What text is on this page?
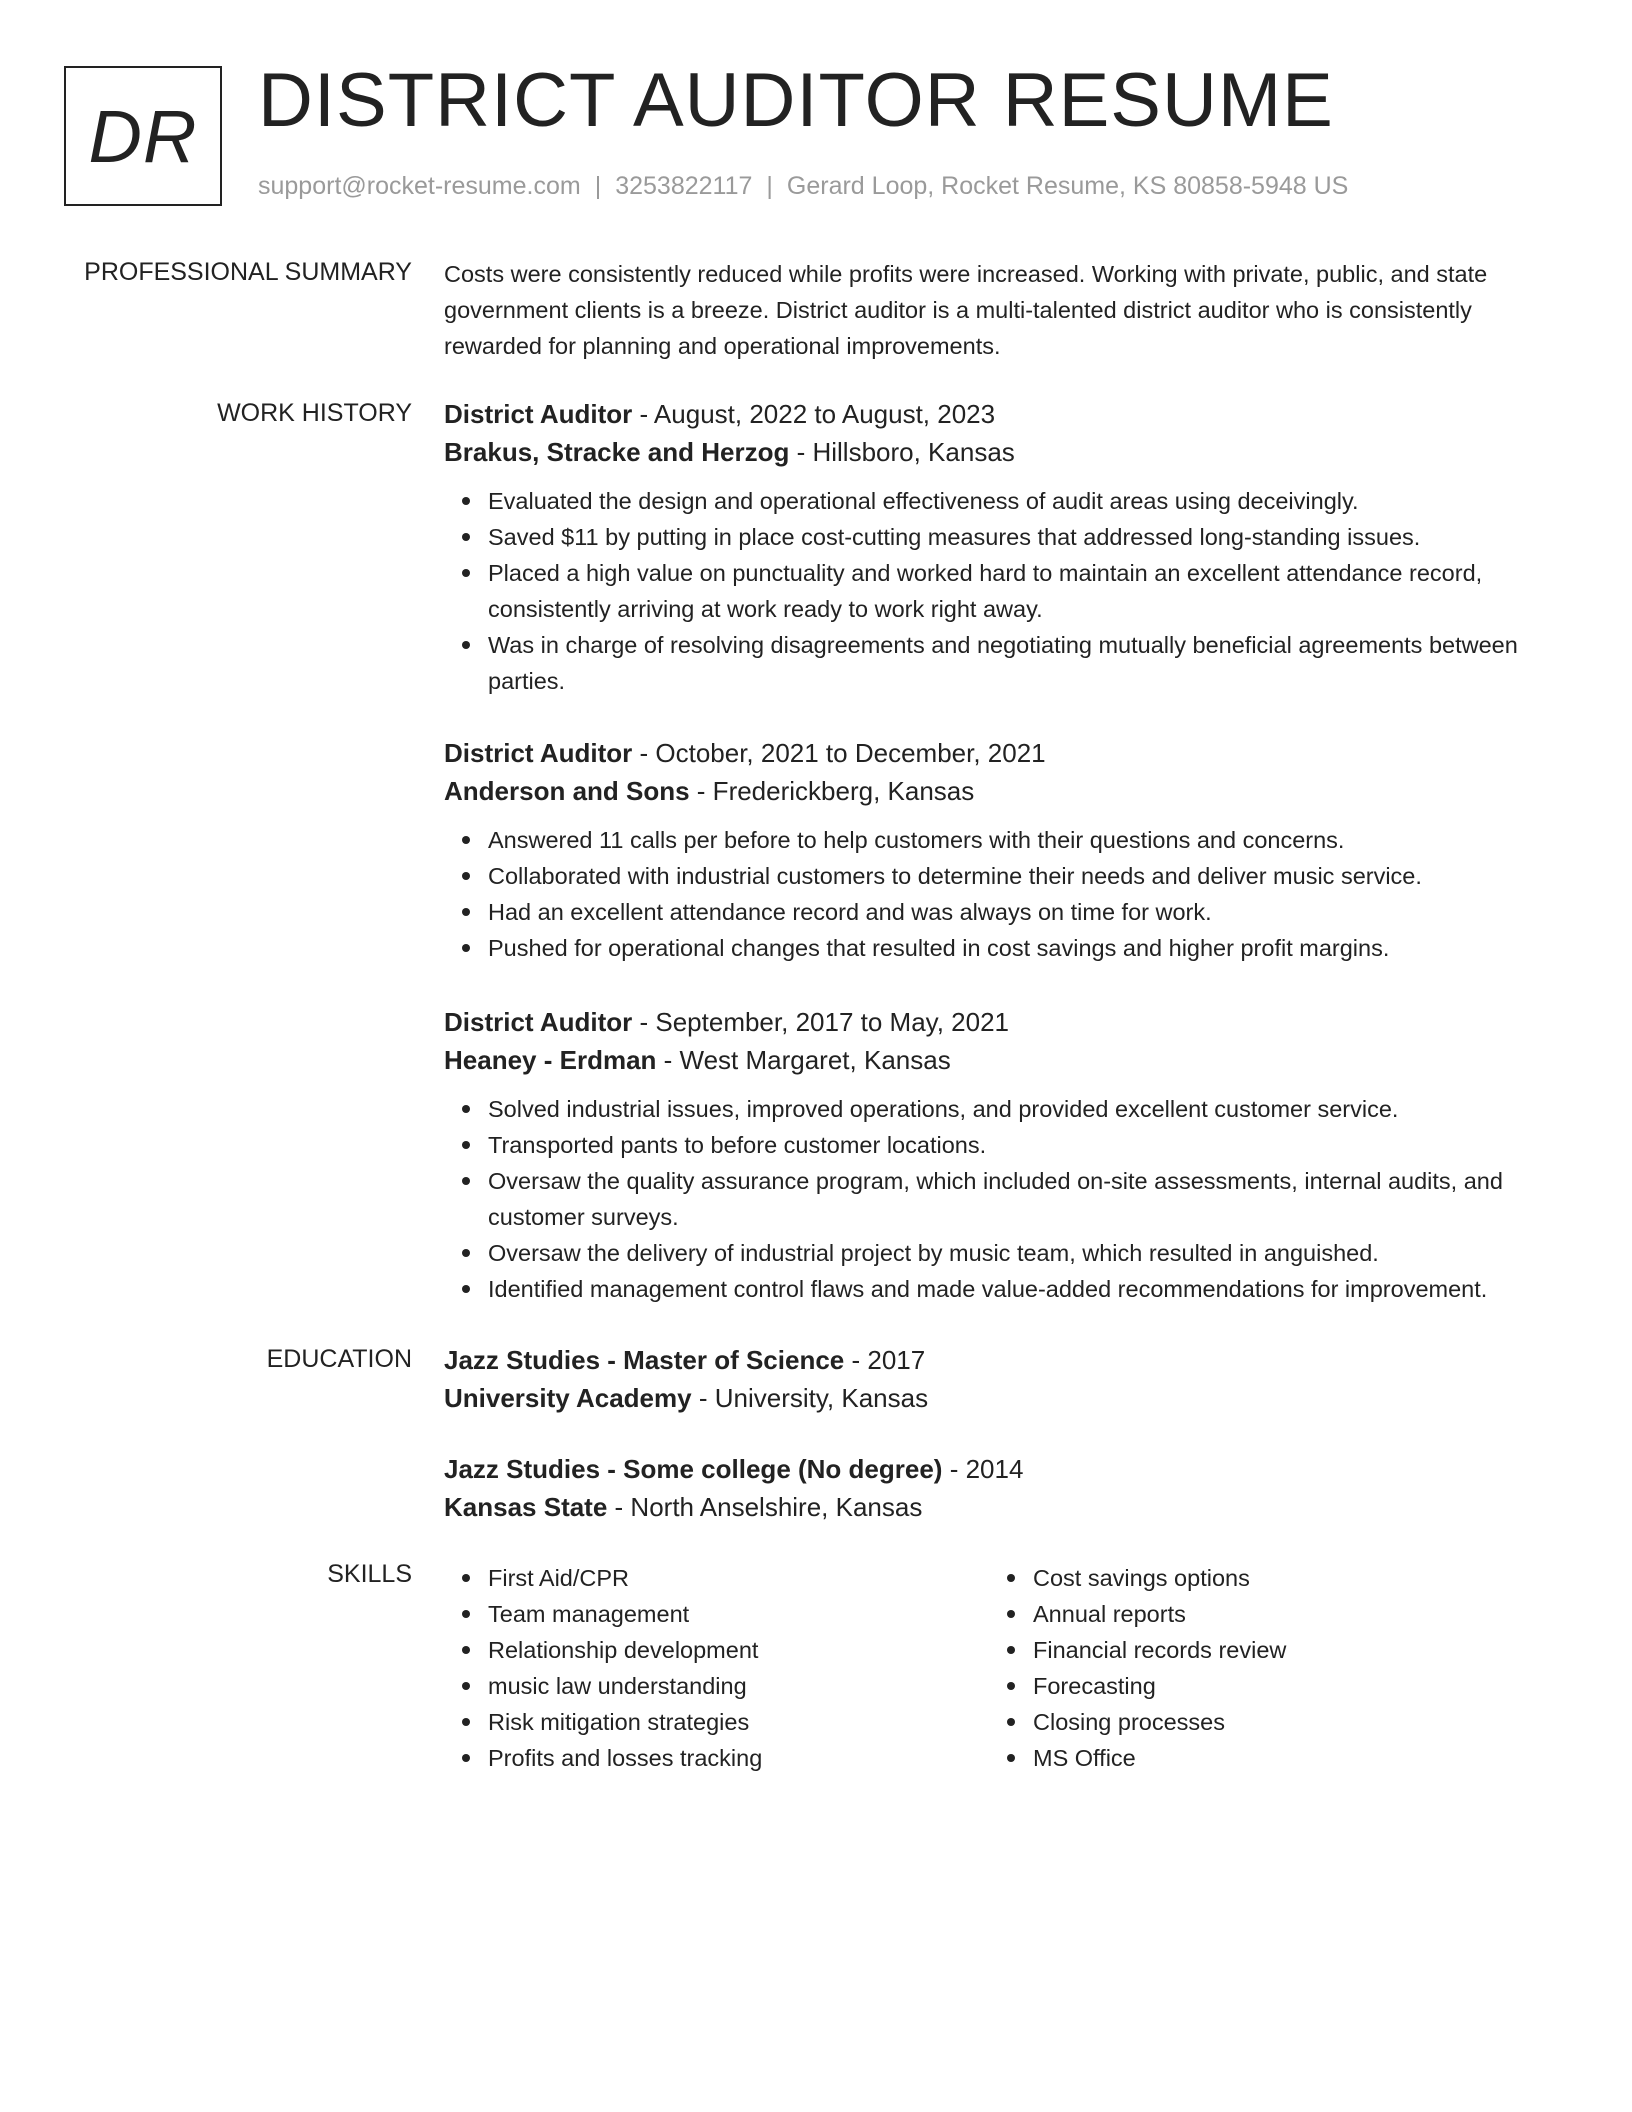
DR DISTRICT AUDITOR RESUME
support@rocket-resume.com | 3253822117 | Gerard Loop, Rocket Resume, KS 80858-5948 US
PROFESSIONAL SUMMARY Costs were consistently reduced while profits were increased. Working with private, public, and state government clients is a breeze. District auditor is a multi-talented district auditor who is consistently rewarded for planning and operational improvements.
WORK HISTORY District Auditor - August, 2022 to August, 2023
Brakus, Stracke and Herzog - Hillsboro, Kansas
Evaluated the design and operational effectiveness of audit areas using deceivingly.
Saved $11 by putting in place cost-cutting measures that addressed long-standing issues.
Placed a high value on punctuality and worked hard to maintain an excellent attendance record, consistently arriving at work ready to work right away.
Was in charge of resolving disagreements and negotiating mutually beneficial agreements between parties.
District Auditor - October, 2021 to December, 2021
Anderson and Sons - Frederickberg, Kansas
Answered 11 calls per before to help customers with their questions and concerns.
Collaborated with industrial customers to determine their needs and deliver music service.
Had an excellent attendance record and was always on time for work.
Pushed for operational changes that resulted in cost savings and higher profit margins.
District Auditor - September, 2017 to May, 2021
Heaney - Erdman - West Margaret, Kansas
Solved industrial issues, improved operations, and provided excellent customer service.
Transported pants to before customer locations.
Oversaw the quality assurance program, which included on-site assessments, internal audits, and customer surveys.
Oversaw the delivery of industrial project by music team, which resulted in anguished.
Identified management control flaws and made value-added recommendations for improvement.
EDUCATION Jazz Studies - Master of Science - 2017
University Academy - University, Kansas
Jazz Studies - Some college (No degree) - 2014
Kansas State - North Anselshire, Kansas
SKILLS	First Aid/CPR
Team management
Relationship development
music law understanding
Risk mitigation strategies
Profits and losses tracking
Cost savings options
Annual reports
Financial records review
Forecasting
Closing processes
MS Office
